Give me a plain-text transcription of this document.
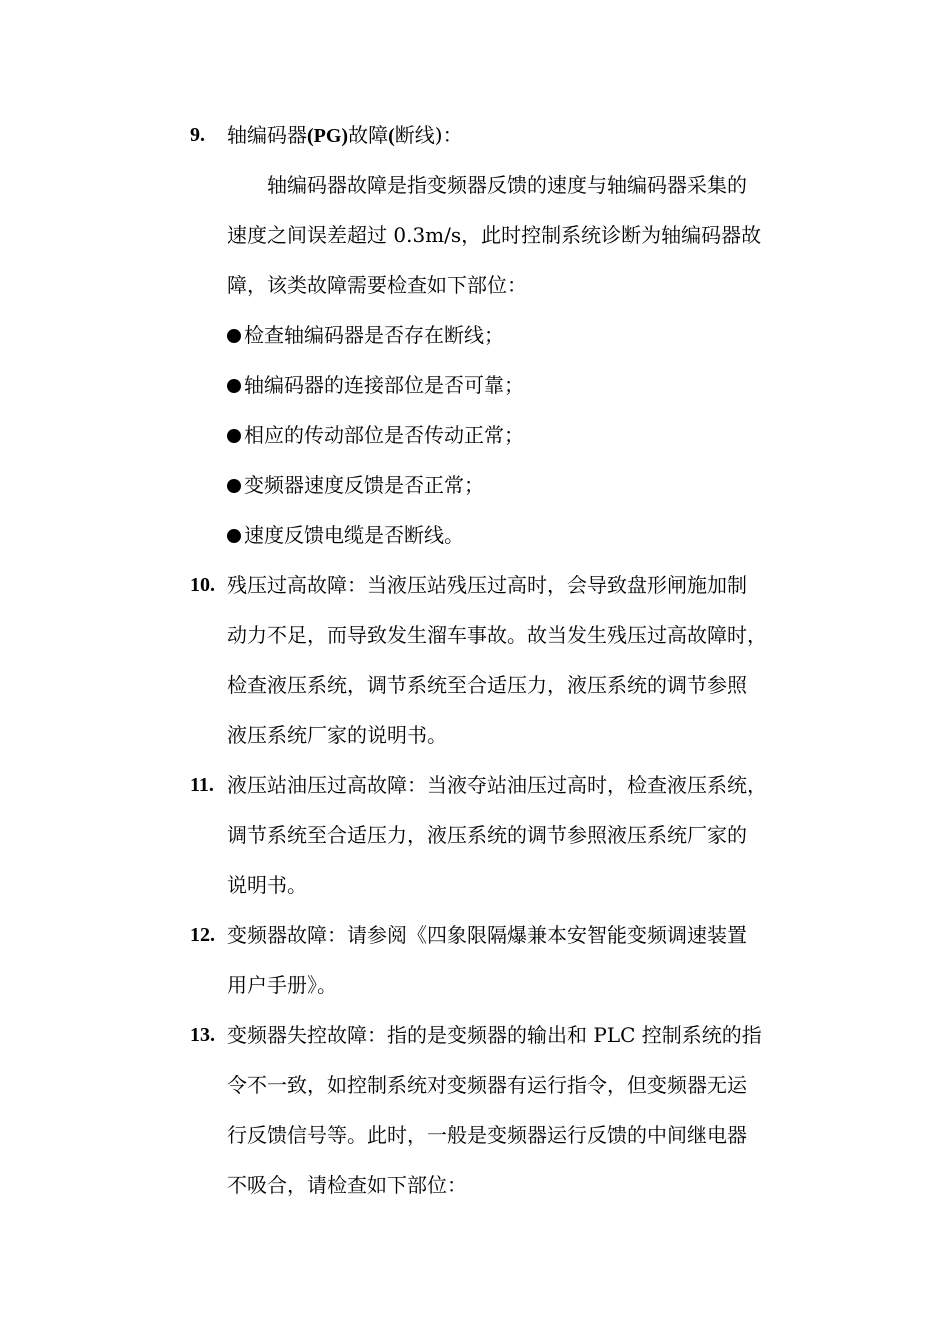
9. 轴编码器(PG)故障(断线)：
轴编码器故障是指变频器反馈的速度与轴编码器采集的
速度之间误差超过 0.3m/s，此时控制系统诊断为轴编码器故
障，该类故障需要检查如下部位：
检查轴编码器是否存在断线；
轴编码器的连接部位是否可靠；
相应的传动部位是否传动正常；
变频器速度反馈是否正常；
速度反馈电缆是否断线。
10. 残压过高故障：当液压站残压过高时，会导致盘形闸施加制
动力不足，而导致发生溜车事故。故当发生残压过高故障时，
检查液压系统，调节系统至合适压力，液压系统的调节参照
液压系统厂家的说明书。
11. 液压站油压过高故障：当液夺站油压过高时，检查液压系统，
调节系统至合适压力，液压系统的调节参照液压系统厂家的
说明书。
12. 变频器故障：请参阅《四象限隔爆兼本安智能变频调速装置
用户手册》。
13. 变频器失控故障：指的是变频器的输出和 PLC 控制系统的指
令不一致，如控制系统对变频器有运行指令，但变频器无运
行反馈信号等。此时，一般是变频器运行反馈的中间继电器
不吸合，请检查如下部位：
